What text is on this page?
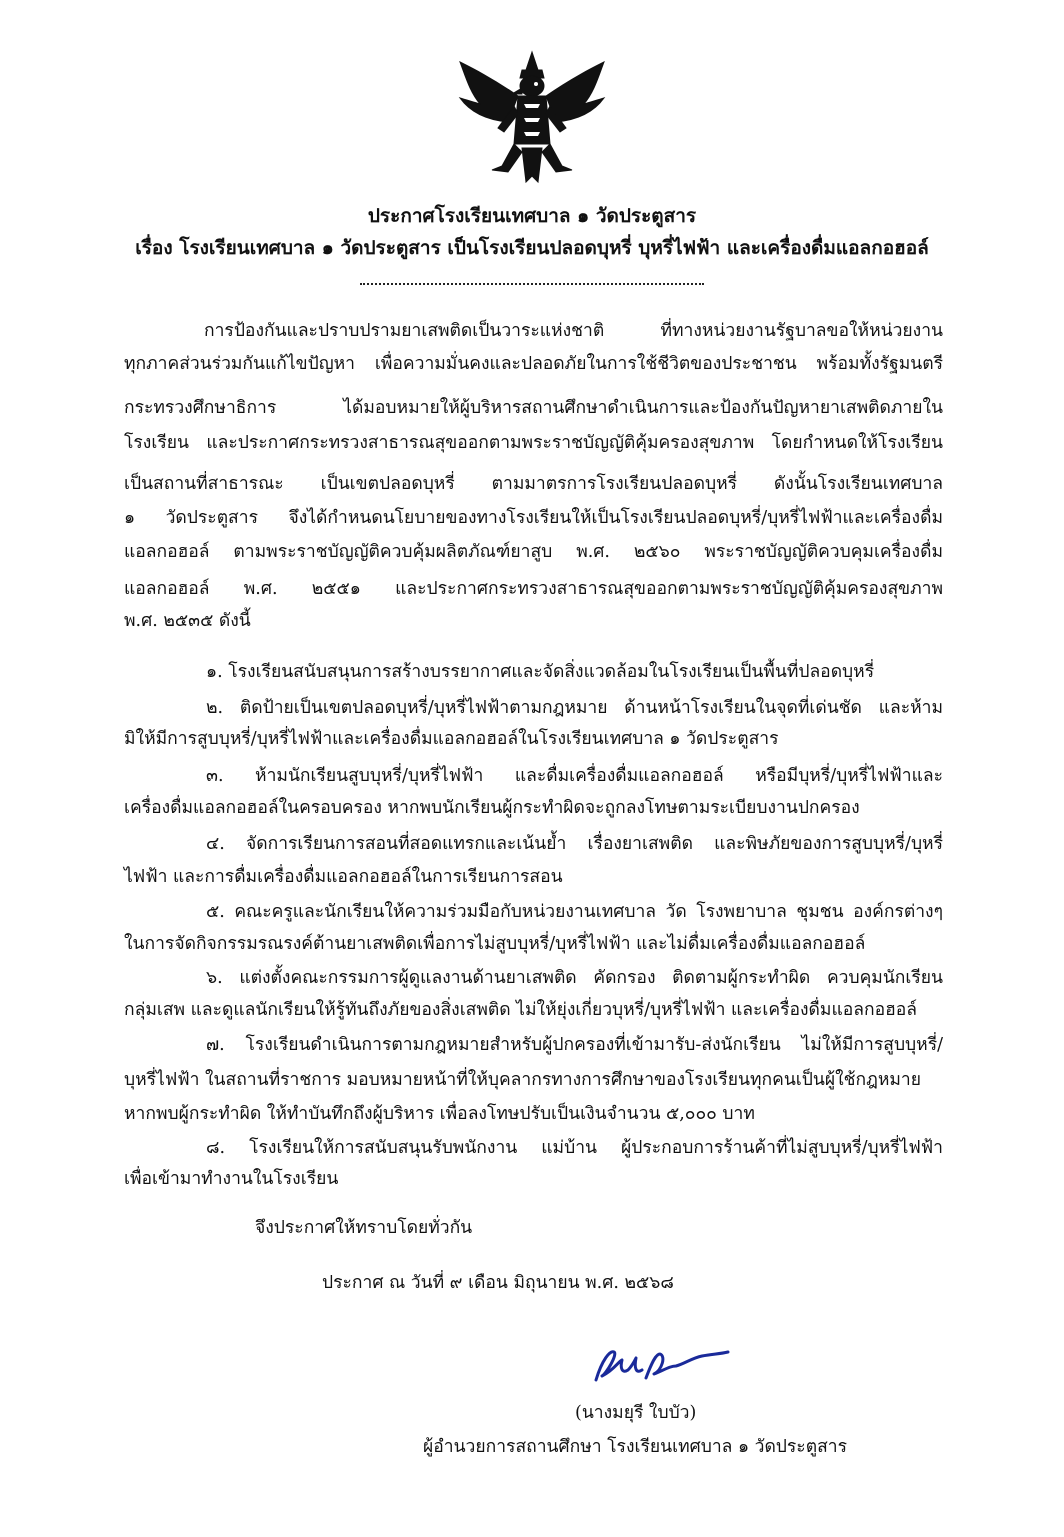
ประกาศโรงเรียนเทศบาล ๑ วัดประตูสาร
เรื่อง โรงเรียนเทศบาล ๑ วัดประตูสาร เป็นโรงเรียนปลอดบุหรี่ บุหรี่ไฟฟ้า และเครื่องดื่มแอลกอฮอล์
การป้องกันและปราบปรามยาเสพติดเป็นวาระแห่งชาติ ที่ทางหน่วยงานรัฐบาลขอให้หน่วยงาน
ทุกภาคส่วนร่วมกันแก้ไขปัญหา เพื่อความมั่นคงและปลอดภัยในการใช้ชีวิตของประชาชน พร้อมทั้งรัฐมนตรี
กระทรวงศึกษาธิการ ได้มอบหมายให้ผู้บริหารสถานศึกษาดำเนินการและป้องกันปัญหายาเสพติดภายใน
โรงเรียน และประกาศกระทรวงสาธารณสุขออกตามพระราชบัญญัติคุ้มครองสุขภาพ โดยกำหนดให้โรงเรียน
เป็นสถานที่สาธารณะ เป็นเขตปลอดบุหรี่ ตามมาตรการโรงเรียนปลอดบุหรี่ ดังนั้นโรงเรียนเทศบาล
๑ วัดประตูสาร จึงได้กำหนดนโยบายของทางโรงเรียนให้เป็นโรงเรียนปลอดบุหรี่/บุหรี่ไฟฟ้าและเครื่องดื่ม
แอลกอฮอล์ ตามพระราชบัญญัติควบคุ้มผลิตภัณฑ์ยาสูบ พ.ศ. ๒๕๖๐ พระราชบัญญัติควบคุมเครื่องดื่ม
แอลกอฮอล์ พ.ศ. ๒๕๕๑ และประกาศกระทรวงสาธารณสุขออกตามพระราชบัญญัติคุ้มครองสุขภาพ
พ.ศ. ๒๕๓๕ ดังนี้
๑. โรงเรียนสนับสนุนการสร้างบรรยากาศและจัดสิ่งแวดล้อมในโรงเรียนเป็นพื้นที่ปลอดบุหรี่
๒. ติดป้ายเป็นเขตปลอดบุหรี่/บุหรี่ไฟฟ้าตามกฎหมาย ด้านหน้าโรงเรียนในจุดที่เด่นชัด และห้าม
มิให้มีการสูบบุหรี่/บุหรี่ไฟฟ้าและเครื่องดื่มแอลกอฮอล์ในโรงเรียนเทศบาล ๑ วัดประตูสาร
๓. ห้ามนักเรียนสูบบุหรี่/บุหรี่ไฟฟ้า และดื่มเครื่องดื่มแอลกอฮอล์ หรือมีบุหรี่/บุหรี่ไฟฟ้าและ
เครื่องดื่มแอลกอฮอล์ในครอบครอง หากพบนักเรียนผู้กระทำผิดจะถูกลงโทษตามระเบียบงานปกครอง
๔. จัดการเรียนการสอนที่สอดแทรกและเน้นย้ำ เรื่องยาเสพติด และพิษภัยของการสูบบุหรี่/บุหรี่
ไฟฟ้า และการดื่มเครื่องดื่มแอลกอฮอล์ในการเรียนการสอน
๕. คณะครูและนักเรียนให้ความร่วมมือกับหน่วยงานเทศบาล วัด โรงพยาบาล ชุมชน องค์กรต่างๆ
ในการจัดกิจกรรมรณรงค์ต้านยาเสพติดเพื่อการไม่สูบบุหรี่/บุหรี่ไฟฟ้า และไม่ดื่มเครื่องดื่มแอลกอฮอล์
๖. แต่งตั้งคณะกรรมการผู้ดูแลงานด้านยาเสพติด คัดกรอง ติดตามผู้กระทำผิด ควบคุมนักเรียน
กลุ่มเสพ และดูแลนักเรียนให้รู้ทันถึงภัยของสิ่งเสพติด ไม่ให้ยุ่งเกี่ยวบุหรี่/บุหรี่ไฟฟ้า และเครื่องดื่มแอลกอฮอล์
๗. โรงเรียนดำเนินการตามกฎหมายสำหรับผู้ปกครองที่เข้ามารับ-ส่งนักเรียน ไม่ให้มีการสูบบุหรี่/
บุหรี่ไฟฟ้า ในสถานที่ราชการ มอบหมายหน้าที่ให้บุคลากรทางการศึกษาของโรงเรียนทุกคนเป็นผู้ใช้กฎหมาย
หากพบผู้กระทำผิด ให้ทำบันทึกถึงผู้บริหาร เพื่อลงโทษปรับเป็นเงินจำนวน ๕,๐๐๐ บาท
๘. โรงเรียนให้การสนับสนุนรับพนักงาน แม่บ้าน ผู้ประกอบการร้านค้าที่ไม่สูบบุหรี่/บุหรี่ไฟฟ้า
เพื่อเข้ามาทำงานในโรงเรียน
จึงประกาศให้ทราบโดยทั่วกัน
ประกาศ ณ วันที่ ๙ เดือน มิถุนายน พ.ศ. ๒๕๖๘
(นางมยุรี ใบบัว)
ผู้อำนวยการสถานศึกษา โรงเรียนเทศบาล ๑ วัดประตูสาร
